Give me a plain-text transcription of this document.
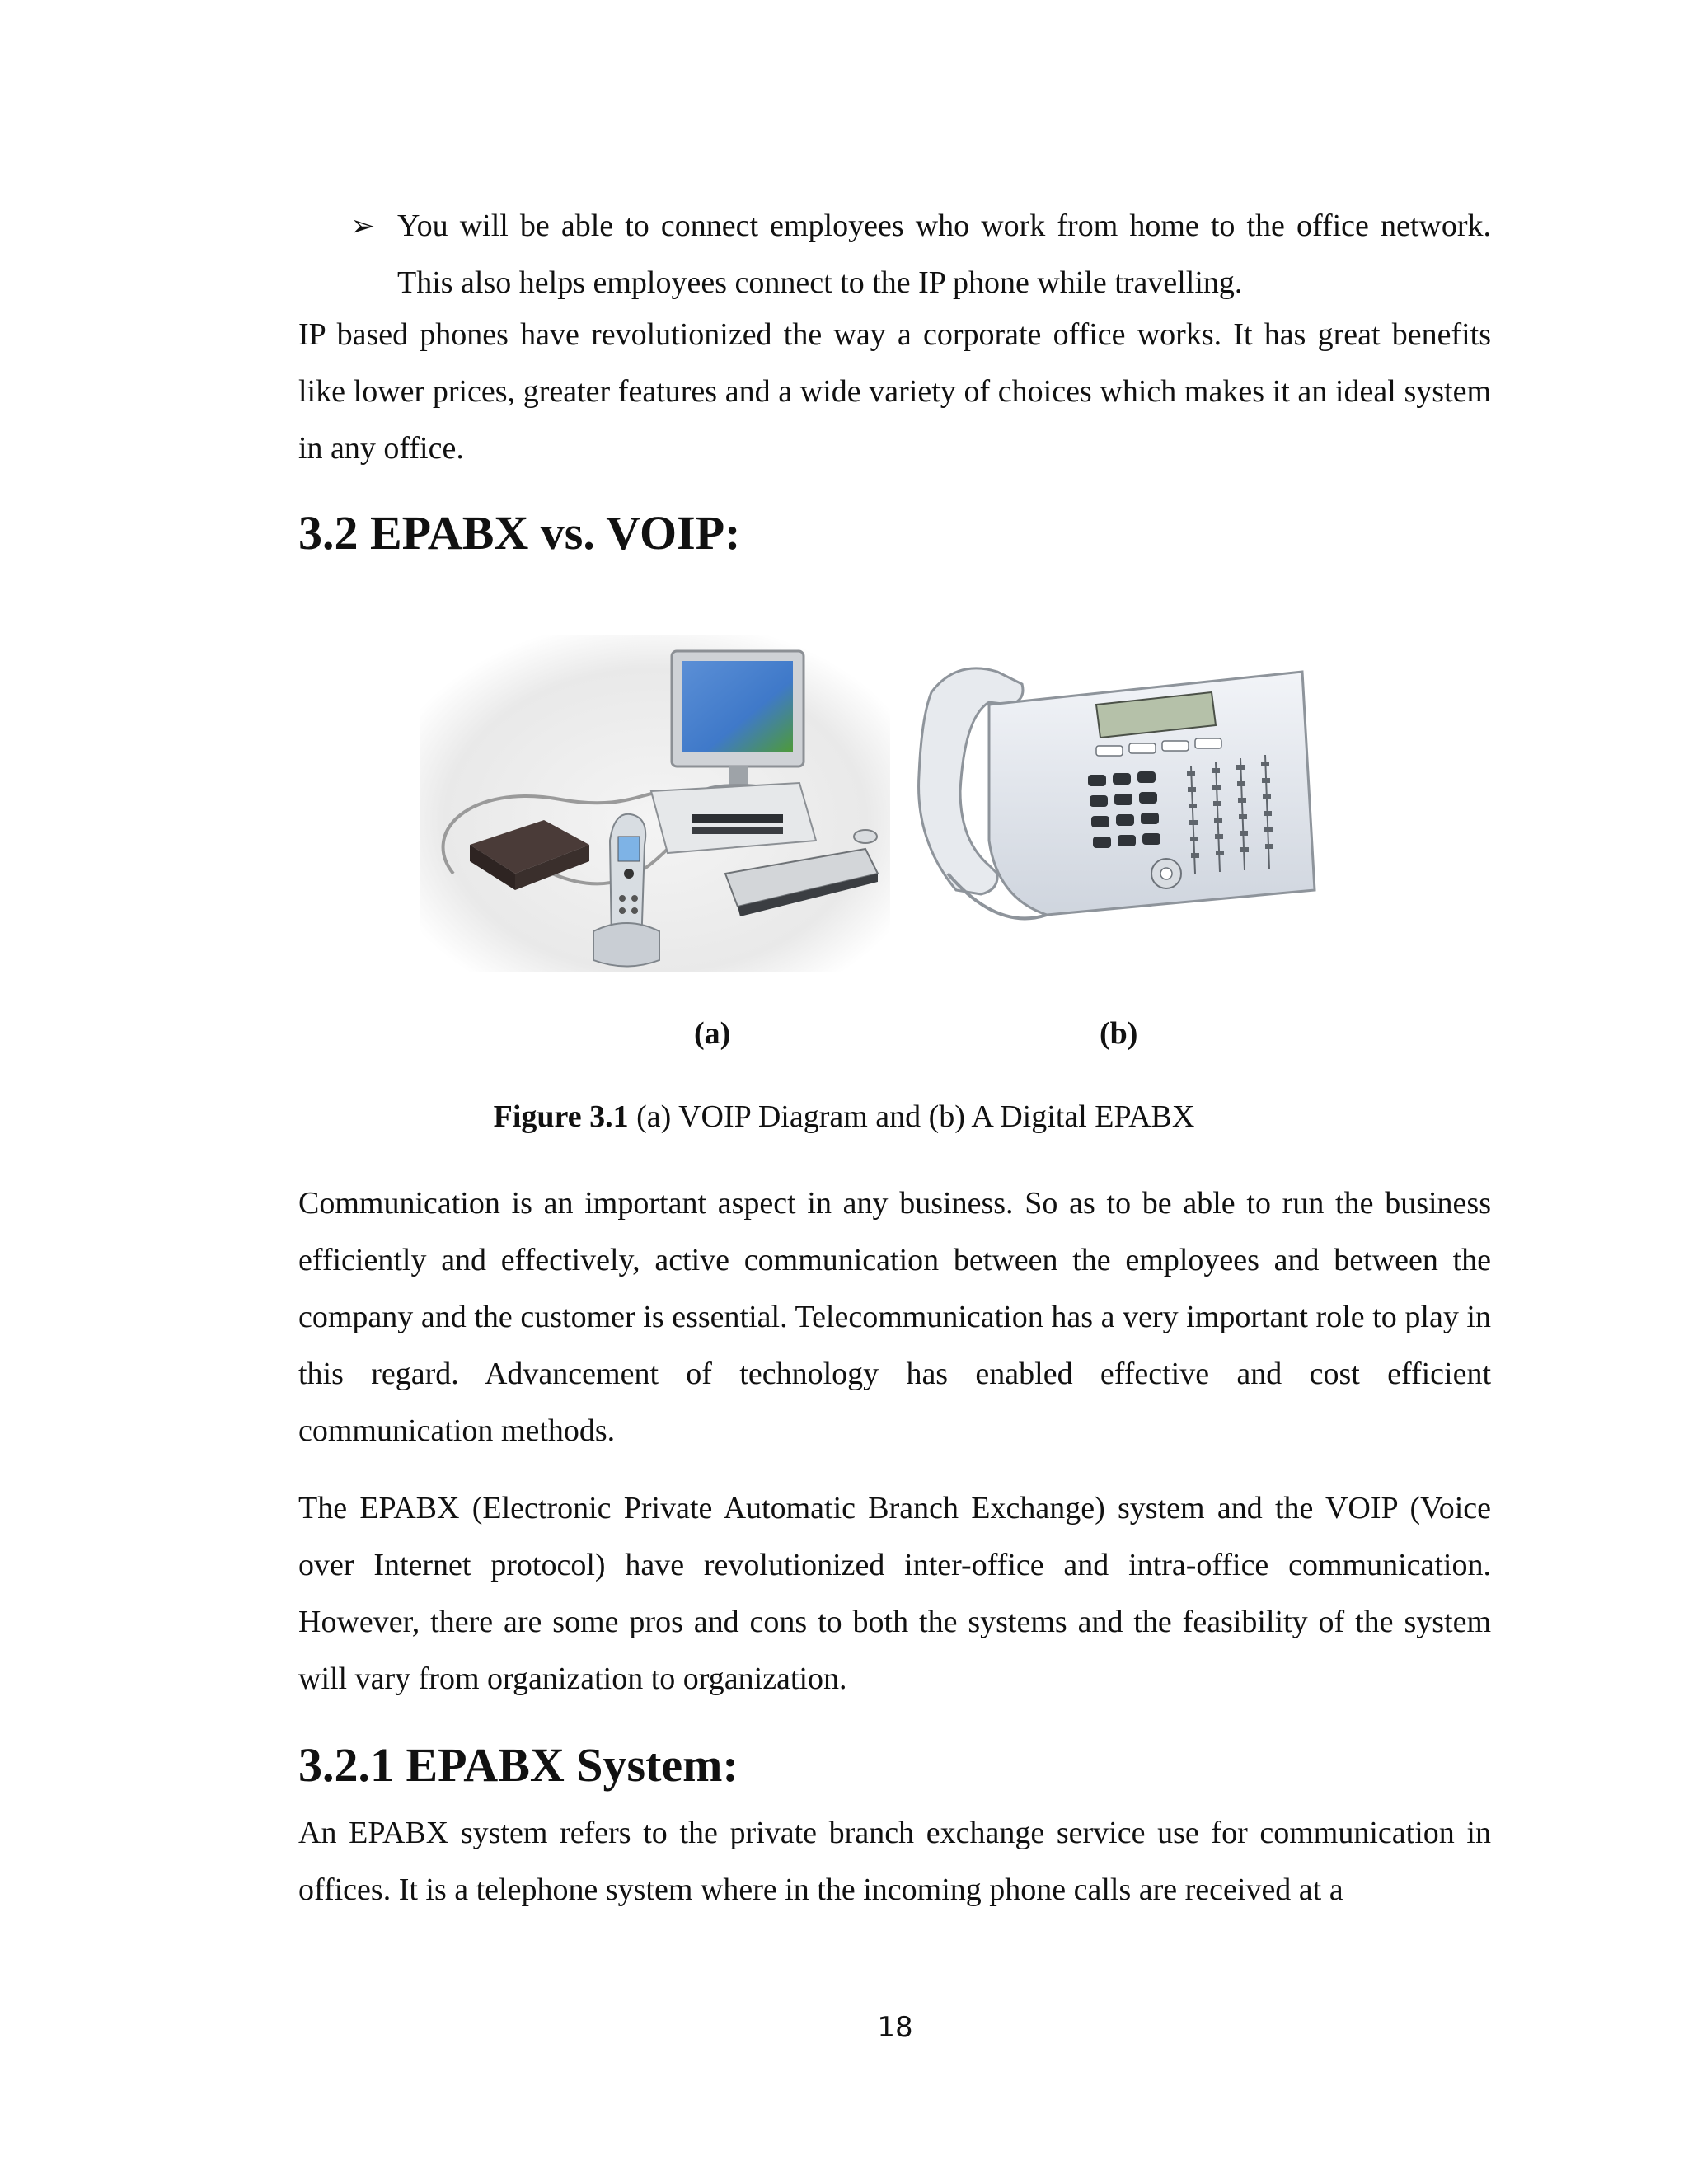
➢ You will be able to connect employees who work from home to the office network. This also helps employees connect to the IP phone while travelling.

IP based phones have revolutionized the way a corporate office works. It has great benefits like lower prices, greater features and a wide variety of choices which makes it an ideal system in any office.

3.2 EPABX vs. VOIP:
(a)	(b)
Figure 3.1 (a) VOIP Diagram and (b) A Digital EPABX

Communication is an important aspect in any business. So as to be able to run the business efficiently and effectively, active communication between the employees and between the company and the customer is essential. Telecommunication has a very important role to play in this regard. Advancement of technology has enabled effective and cost efficient communication methods.

The EPABX (Electronic Private Automatic Branch Exchange) system and the VOIP (Voice over Internet protocol) have revolutionized inter-office and intra-office communication. However, there are some pros and cons to both the systems and the feasibility of the system will vary from organization to organization.

3.2.1 EPABX System:

An EPABX system refers to the private branch exchange service use for communication in offices. It is a telephone system where in the incoming phone calls are received at a

18
